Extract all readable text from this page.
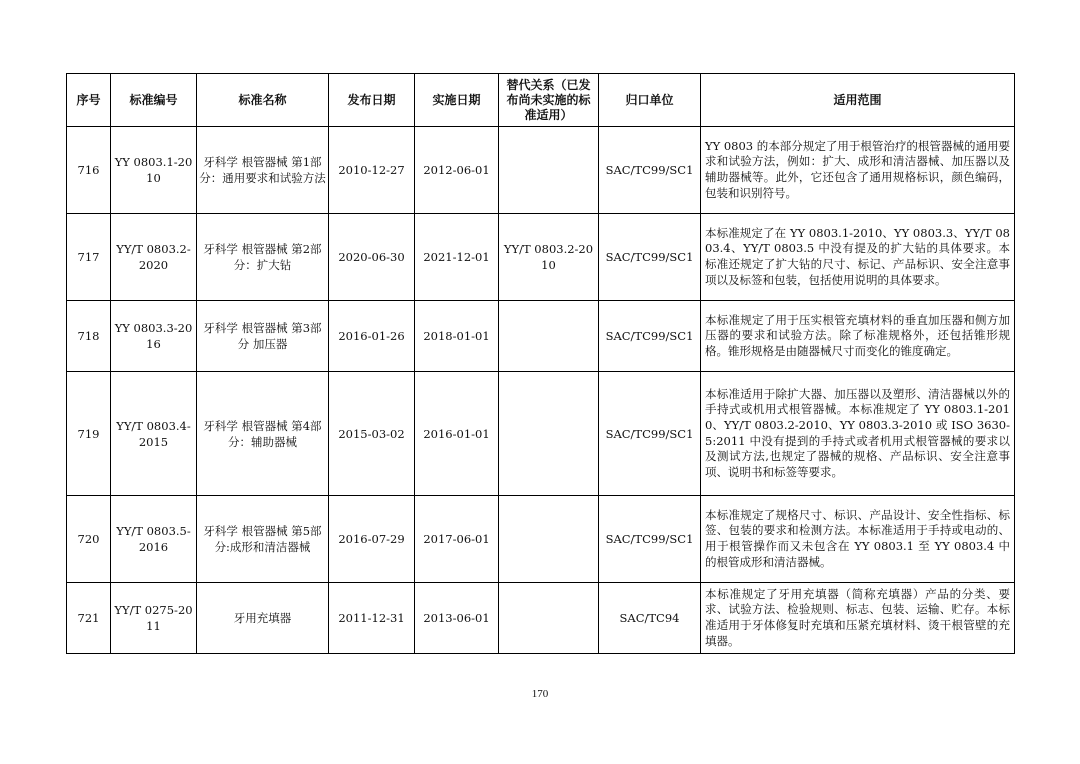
序号	标准编号	标准名称	发布日期	实施日期	替代关系（已发布尚未实施的标准适用）	归口单位	适用范围
716	YY 0803.1-2010	牙科学 根管器械 第1部分：通用要求和试验方法	2010-12-27	2012-06-01		SAC/TC99/SC1	YY 0803 的本部分规定了用于根管治疗的根管器械的通用要求和试验方法，例如：扩大、成形和清洁器械、加压器以及辅助器械等。此外，它还包含了通用规格标识，颜色编码，包装和识别符号。
717	YY/T 0803.2-2020	牙科学 根管器械 第2部分：扩大钻	2020-06-30	2021-12-01	YY/T 0803.2-2010	SAC/TC99/SC1	本标准规定了在 YY 0803.1-2010、YY 0803.3、YY/T 0803.4、YY/T 0803.5 中没有提及的扩大钻的具体要求。本标准还规定了扩大钻的尺寸、标记、产品标识、安全注意事项以及标签和包装，包括使用说明的具体要求。
718	YY 0803.3-2016	牙科学 根管器械 第3部分 加压器	2016-01-26	2018-01-01		SAC/TC99/SC1	本标准规定了用于压实根管充填材料的垂直加压器和侧方加压器的要求和试验方法。除了标准规格外，还包括锥形规格。锥形规格是由随器械尺寸而变化的锥度确定。
719	YY/T 0803.4-2015	牙科学 根管器械 第4部分：辅助器械	2015-03-02	2016-01-01		SAC/TC99/SC1	本标准适用于除扩大器、加压器以及塑形、清洁器械以外的手持式或机用式根管器械。本标准规定了 YY 0803.1-2010、YY/T 0803.2-2010、YY 0803.3-2010 或 ISO 3630-5:2011 中没有提到的手持式或者机用式根管器械的要求以及测试方法,也规定了器械的规格、产品标识、安全注意事项、说明书和标签等要求。
720	YY/T 0803.5-2016	牙科学 根管器械 第5部分:成形和清洁器械	2016-07-29	2017-06-01		SAC/TC99/SC1	本标准规定了规格尺寸、标识、产品设计、安全性指标、标签、包装的要求和检测方法。本标准适用于手持或电动的、用于根管操作而又未包含在 YY 0803.1 至 YY 0803.4 中的根管成形和清洁器械。
721	YY/T 0275-2011	牙用充填器	2011-12-31	2013-06-01		SAC/TC94	本标准规定了牙用充填器（简称充填器）产品的分类、要求、试验方法、检验规则、标志、包装、运输、贮存。本标准适用于牙体修复时充填和压紧充填材料、烫干根管壁的充填器。
170
